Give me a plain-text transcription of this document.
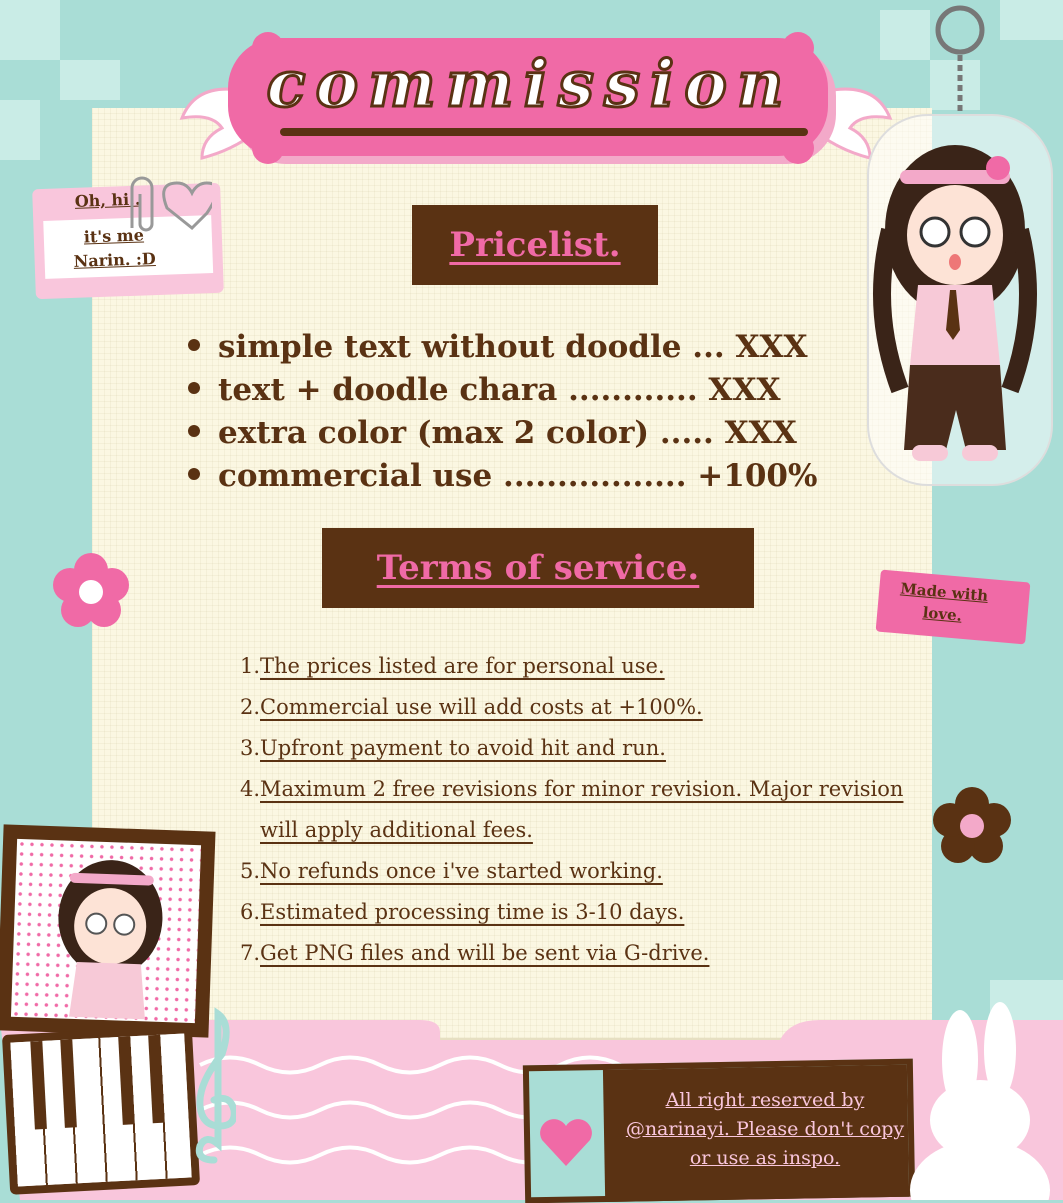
commission
Oh, hi..
it's me
Narin. :D	Pricelist.
simple text without doodle ... XXX
text + doodle chara ............ XXX
extra color (max 2 color) ..... XXX
commercial use ................. +100%
Terms of service.
1. The prices listed are for personal use.
2. Commercial use will add costs at +100%.
3. Upfront payment to avoid hit and run.
4. Maximum 2 free revisions for minor revision. Major revision will apply additional fees.
5. No refunds once i've started working.
6. Estimated processing time is 3-10 days.
7. Get PNG files and will be sent via G-drive.
Made with
love.
All right reserved by @narinayi. Please don't copy or use as inspo.
